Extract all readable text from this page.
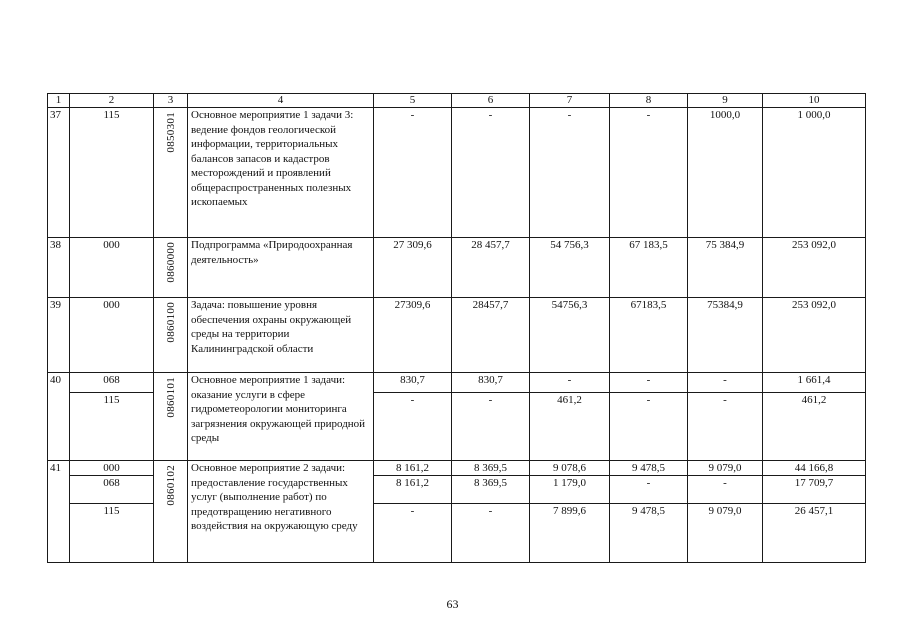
1	2	3	4	5	6	7	8	9	10
37	115	0850301	Основное мероприятие 1 задачи 3: ведение фондов геологической информации, территориальных балансов запасов и кадастров месторождений и проявлений общераспространенных полезных ископаемых	-	-	-	-	1000,0	1 000,0
38	000	0860000	Подпрограмма «Природоохранная деятельность»	27 309,6	28 457,7	54 756,3	67 183,5	75 384,9	253 092,0
39	000	0860100	Задача: повышение уровня обеспечения охраны окружающей среды на территории Калининградской области	27309,6	28457,7	54756,3	67183,5	75384,9	253 092,0
40	068	0860101	Основное мероприятие 1 задачи: оказание услуги в сфере гидрометеорологии мониторинга загрязнения окружающей природной среды	830,7	830,7	-	-	-	1 661,4
	115			-	-	461,2	-	-	461,2
41	000	0860102	Основное мероприятие 2 задачи: предоставление государственных услуг (выполнение работ) по предотвращению негативного воздействия на окружающую среду	8 161,2	8 369,5	9 078,6	9 478,5	9 079,0	44 166,8
	068			8 161,2	8 369,5	1 179,0	-	-	17 709,7
	115			-	-	7 899,6	9 478,5	9 079,0	26 457,1
63
